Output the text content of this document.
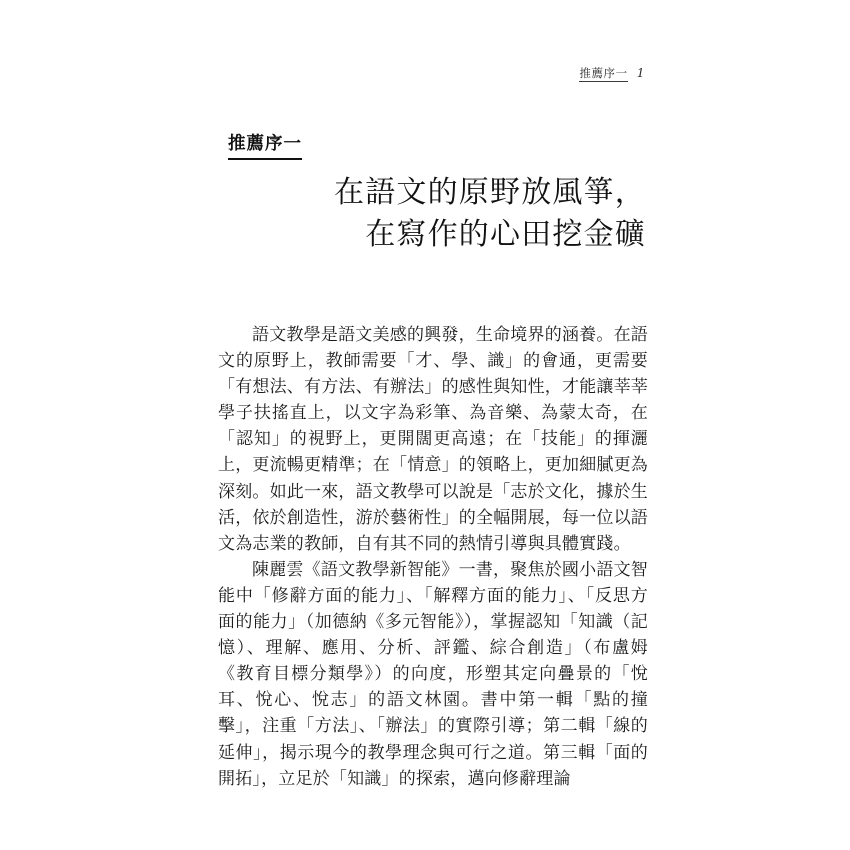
推薦序一 1
推薦序一
在語文的原野放風箏，
在寫作的心田挖金礦

語文教學是語文美感的興發，生命境界的涵養。在語文的原野上，教師需要「才、學、識」的會通，更需要「有想法、有方法、有辦法」的感性與知性，才能讓莘莘學子扶搖直上，以文字為彩筆、為音樂、為蒙太奇，在「認知」的視野上，更開闊更高遠；在「技能」的揮灑上，更流暢更精準；在「情意」的領略上，更加細膩更為深刻。如此一來，語文教學可以說是「志於文化，據於生活，依於創造性，游於藝術性」的全幅開展，每一位以語文為志業的教師，自有其不同的熱情引導與具體實踐。

陳麗雲《語文教學新智能》一書，聚焦於國小語文智能中「修辭方面的能力」、「解釋方面的能力」、「反思方面的能力」（加德納《多元智能》），掌握認知「知識（記憶）、理解、應用、分析、評鑑、綜合創造」（布盧姆《教育目標分類學》）的向度，形塑其定向疊景的「悅耳、悅心、悅志」的語文林園。書中第一輯「點的撞擊」，注重「方法」、「辦法」的實際引導；第二輯「線的延伸」，揭示現今的教學理念與可行之道。第三輯「面的開拓」，立足於「知識」的探索，邁向修辭理論
